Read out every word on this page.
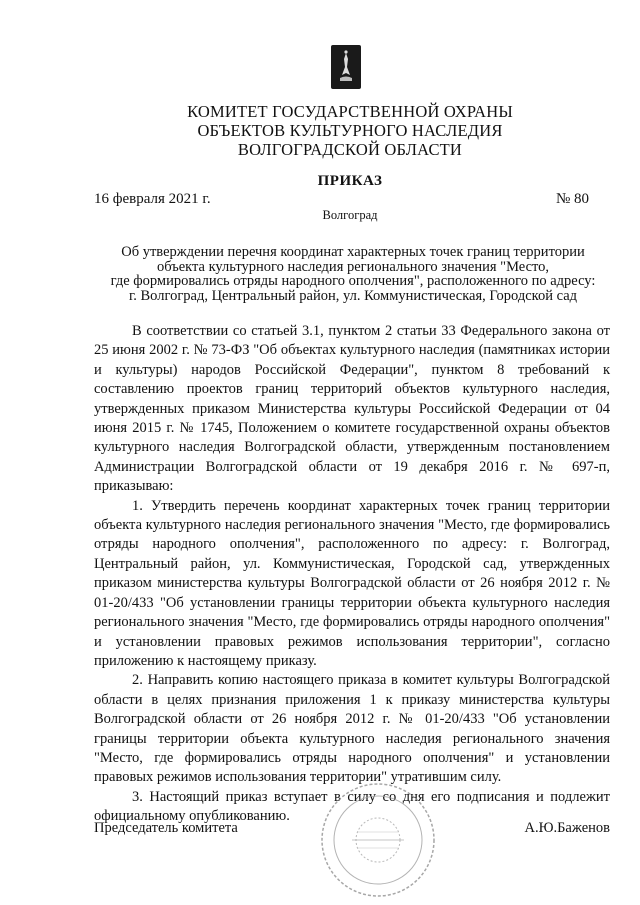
КОМИТЕТ ГОСУДАРСТВЕННОЙ ОХРАНЫ
ОБЪЕКТОВ КУЛЬТУРНОГО НАСЛЕДИЯ
ВОЛГОГРАДСКОЙ ОБЛАСТИ
ПРИКАЗ
16 февраля 2021 г.	№ 80
Волгоград
Об утверждении перечня координат характерных точек границ территории
объекта культурного наследия регионального значения "Место,
где формировались отряды народного ополчения", расположенного по адресу:
г. Волгоград, Центральный район, ул. Коммунистическая, Городской сад

В соответствии со статьей 3.1, пунктом 2 статьи 33 Федерального закона от 25 июня 2002 г. № 73-ФЗ "Об объектах культурного наследия (памятниках истории и культуры) народов Российской Федерации", пунктом 8 требований к составлению проектов границ территорий объектов культурного наследия, утвержденных приказом Министерства культуры Российской Федерации от 04 июня 2015 г. № 1745, Положением о комитете государственной охраны объектов культурного наследия Волгоградской области, утвержденным постановлением Администрации Волгоградской области от 19 декабря 2016 г. № 697-п, приказываю:

1. Утвердить перечень координат характерных точек границ территории объекта культурного наследия регионального значения "Место, где формировались отряды народного ополчения", расположенного по адресу: г. Волгоград, Центральный район, ул. Коммунистическая, Городской сад, утвержденных приказом министерства культуры Волгоградской области от 26 ноября 2012 г. № 01-20/433 "Об установлении границы территории объекта культурного наследия регионального значения "Место, где формировались отряды народного ополчения" и установлении правовых режимов использования территории", согласно приложению к настоящему приказу.

2. Направить копию настоящего приказа в комитет культуры Волгоградской области в целях признания приложения 1 к приказу министерства культуры Волгоградской области от 26 ноября 2012 г. № 01-20/433 "Об установлении границы территории объекта культурного наследия регионального значения "Место, где формировались отряды народного ополчения" и установлении правовых режимов использования территории" утратившим силу.

3. Настоящий приказ вступает в силу со дня его подписания и подлежит официальному опубликованию.

Председатель комитета	А.Ю.Баженов
